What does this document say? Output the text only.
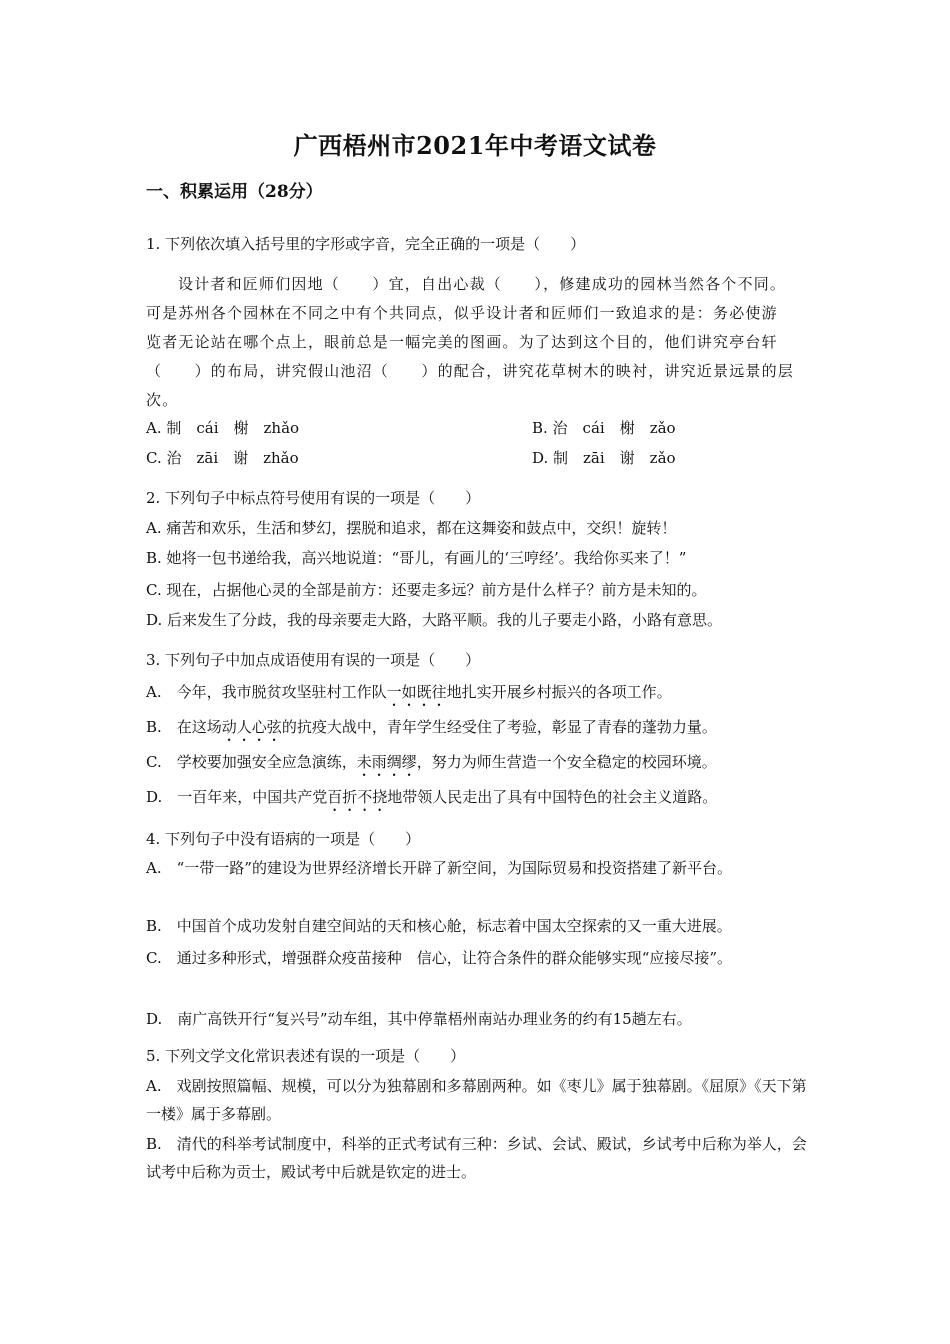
广西梧州市2021年中考语文试卷
一、积累运用（28分）
1. 下列依次填入括号里的字形或字音，完全正确的一项是（　　）

设计者和匠师们因地（　　）宜，自出心裁（　　），修建成功的园林当然各个不同。

可是苏州各个园林在不同之中有个共同点，似乎设计者和匠师们一致追求的是：务必使游

览者无论站在哪个点上，眼前总是一幅完美的图画。为了达到这个目的，他们讲究亭台轩

（　　）的布局，讲究假山池沼（　　）的配合，讲究花草树木的映衬，讲究近景远景的层

次。

A. 制　cái　榭　zhǎo	B. 治　cái　榭　zǎo
C. 治　zāi　谢　zhǎo	D. 制　zāi　谢　zǎo
2. 下列句子中标点符号使用有误的一项是（　　）
A. 痛苦和欢乐，生活和梦幻，摆脱和追求，都在这舞姿和鼓点中，交织！旋转！
B. 她将一包书递给我，高兴地说道：“哥儿，有画儿的‘三哼经’。我给你买来了！”
C. 现在，占据他心灵的全部是前方：还要走多远？前方是什么样子？前方是未知的。
D. 后来发生了分歧，我的母亲要走大路，大路平顺。我的儿子要走小路，小路有意思。
3. 下列句子中加点成语使用有误的一项是（　　）
A.　今年，我市脱贫攻坚驻村工作队一如既往地扎实开展乡村振兴的各项工作。
B.　在这场动人心弦的抗疫大战中，青年学生经受住了考验，彰显了青春的蓬勃力量。
C.　学校要加强安全应急演练，未雨绸缪，努力为师生营造一个安全稳定的校园环境。
D.　一百年来，中国共产党百折不挠地带领人民走出了具有中国特色的社会主义道路。
4. 下列句子中没有语病的一项是（　　）
A.　“一带一路”的建设为世界经济增长开辟了新空间，为国际贸易和投资搭建了新平台。
B.　中国首个成功发射自建空间站的天和核心舱，标志着中国太空探索的又一重大进展。
C.　通过多种形式，增强群众疫苗接种　信心，让符合条件的群众能够实现“应接尽接”。
D.　南广高铁开行“复兴号”动车组，其中停靠梧州南站办理业务的约有15趟左右。
5. 下列文学文化常识表述有误的一项是（　　）
A.　戏剧按照篇幅、规模，可以分为独幕剧和多幕剧两种。如《枣儿》属于独幕剧。《屈原》《天下第一楼》属于多幕剧。
B.　清代的科举考试制度中，科举的正式考试有三种：乡试、会试、殿试，乡试考中后称为举人，会试考中后称为贡士，殿试考中后就是钦定的进士。
